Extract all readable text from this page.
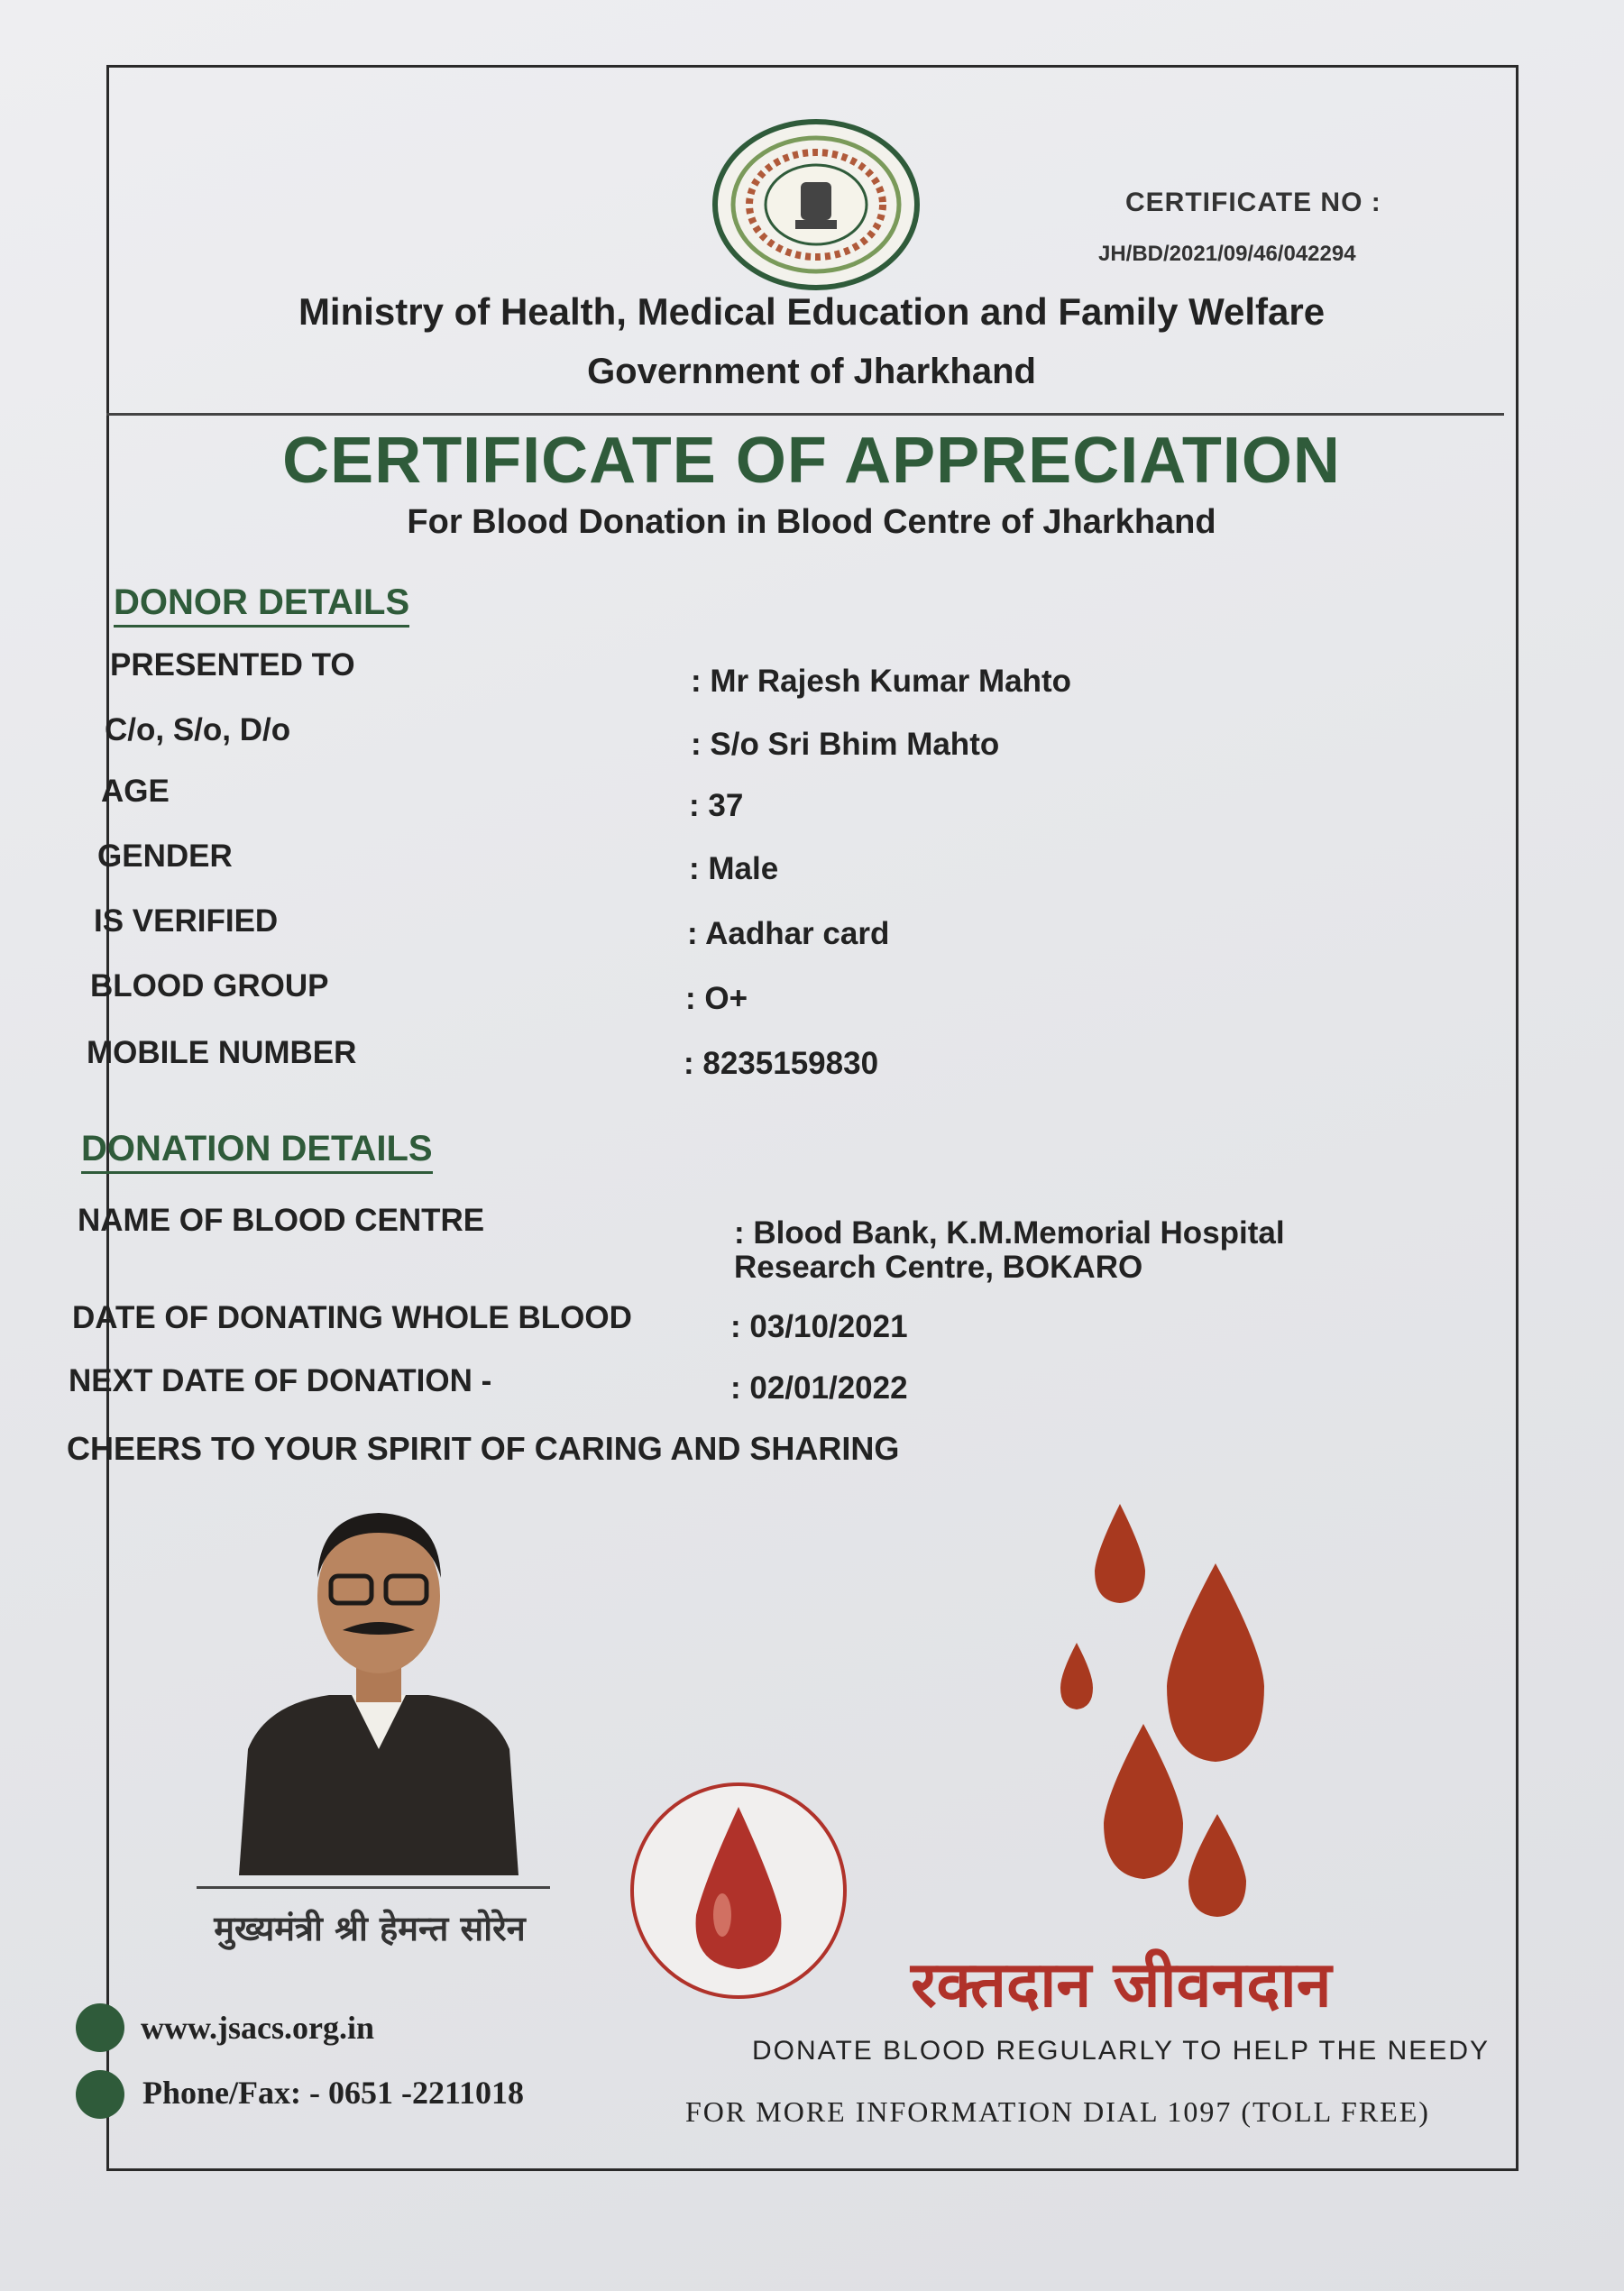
CERTIFICATE NO :
JH/BD/2021/09/46/042294
Ministry of Health, Medical Education and Family Welfare
Government of Jharkhand
CERTIFICATE OF APPRECIATION
For Blood Donation in Blood Centre of Jharkhand
DONOR DETAILS
PRESENTED TO	: Mr Rajesh Kumar Mahto
C/o, S/o, D/o	: S/o Sri Bhim Mahto
AGE	: 37
GENDER	: Male
IS VERIFIED	: Aadhar card
BLOOD GROUP	: O+
MOBILE NUMBER	: 8235159830
DONATION DETAILS
NAME OF BLOOD CENTRE	: Blood Bank, K.M.Memorial Hospital
Research Centre, BOKARO
DATE OF DONATING WHOLE BLOOD	: 03/10/2021
NEXT DATE OF DONATION -	: 02/01/2022
CHEERS TO YOUR SPIRIT OF CARING AND SHARING
मुख्यमंत्री श्री हेमन्त सोरेन
www.jsacs.org.in
Phone/Fax: - 0651 -2211018
रक्तदान जीवनदान
DONATE BLOOD REGULARLY TO HELP THE NEEDY
FOR MORE INFORMATION DIAL 1097 (TOLL FREE)
